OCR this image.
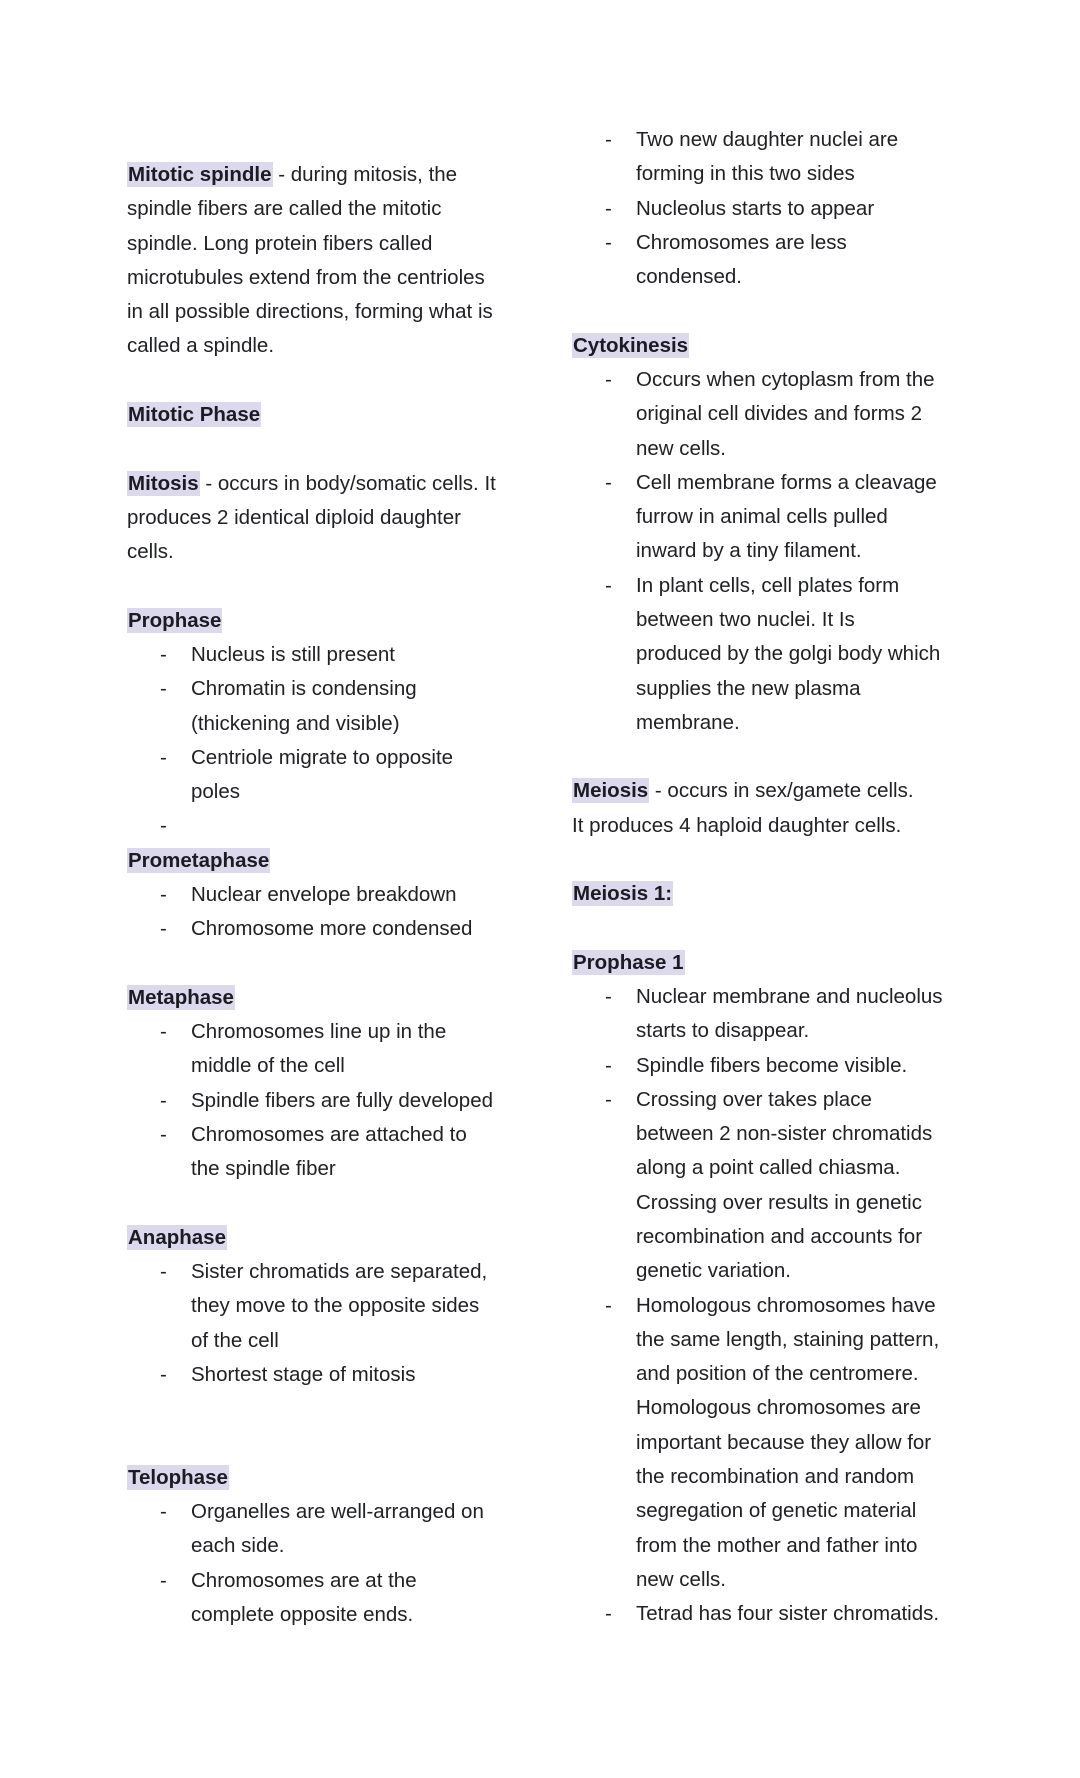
Mitotic spindle - during mitosis, the
spindle fibers are called the mitotic
spindle. Long protein fibers called
microtubules extend from the centrioles
in all possible directions, forming what is
called a spindle.
Mitotic Phase
Mitosis - occurs in body/somatic cells. It
produces 2 identical diploid daughter
cells.
Prophase
- Nucleus is still present
- Chromatin is condensing
(thickening and visible)
- Centriole migrate to opposite
poles
-
Prometaphase
- Nuclear envelope breakdown
- Chromosome more condensed
Metaphase
- Chromosomes line up in the
middle of the cell
- Spindle fibers are fully developed
- Chromosomes are attached to
the spindle fiber
Anaphase
- Sister chromatids are separated,
they move to the opposite sides
of the cell
- Shortest stage of mitosis
Telophase
- Organelles are well-arranged on
each side.
- Chromosomes are at the
complete opposite ends.
- Two new daughter nuclei are
forming in this two sides
- Nucleolus starts to appear
- Chromosomes are less
condensed.
Cytokinesis
- Occurs when cytoplasm from the
original cell divides and forms 2
new cells.
- Cell membrane forms a cleavage
furrow in animal cells pulled
inward by a tiny filament.
- In plant cells, cell plates form
between two nuclei. It Is
produced by the golgi body which
supplies the new plasma
membrane.
Meiosis - occurs in sex/gamete cells.
It produces 4 haploid daughter cells.
Meiosis 1:
Prophase 1
- Nuclear membrane and nucleolus
starts to disappear.
- Spindle fibers become visible.
- Crossing over takes place
between 2 non-sister chromatids
along a point called chiasma.
Crossing over results in genetic
recombination and accounts for
genetic variation.
- Homologous chromosomes have
the same length, staining pattern,
and position of the centromere.
Homologous chromosomes are
important because they allow for
the recombination and random
segregation of genetic material
from the mother and father into
new cells.
- Tetrad has four sister chromatids.
